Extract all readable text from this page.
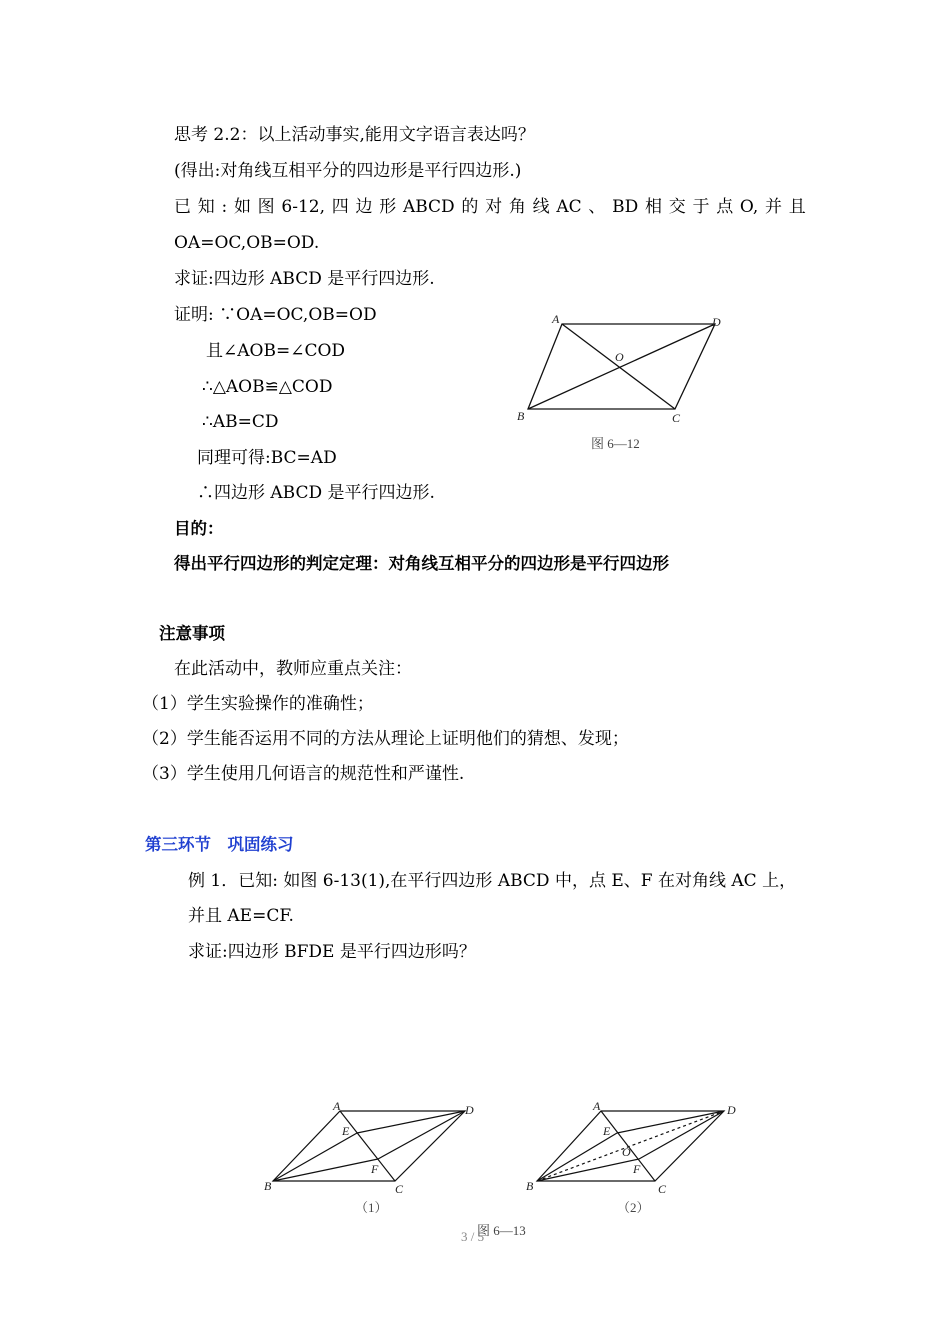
思考 2.2：以上活动事实,能用文字语言表达吗？
(得出:对角线互相平分的四边形是平行四边形.)
已 知 : 如 图 6-12, 四 边 形 ABCD 的 对 角 线 AC 、 BD 相 交 于 点 O, 并 且
OA=OC,OB=OD.
求证:四边形 ABCD 是平行四边形.
证明: ∵OA=OC,OB=OD
且∠AOB=∠COD
∴△AOB≌△COD
∴AB=CD
同理可得:BC=AD
∴四边形 ABCD 是平行四边形.
A	D
O
B	C
图 6—12
目的：
得出平行四边形的判定定理：对角线互相平分的四边形是平行四边形
注意事项
在此活动中，教师应重点关注：
（1）学生实验操作的准确性；
（2）学生能否运用不同的方法从理论上证明他们的猜想、发现；
（3）学生使用几何语言的规范性和严谨性.
第三环节　巩固练习
例 1．已知: 如图 6-13(1),在平行四边形 ABCD 中，点 E、F 在对角线 AC 上，
并且 AE=CF.
求证:四边形 BFDE 是平行四边形吗？
A	D
E
F
B	C
（1）
A	D
E
O
F
B	C
（2）
3 / 5
图 6—13
